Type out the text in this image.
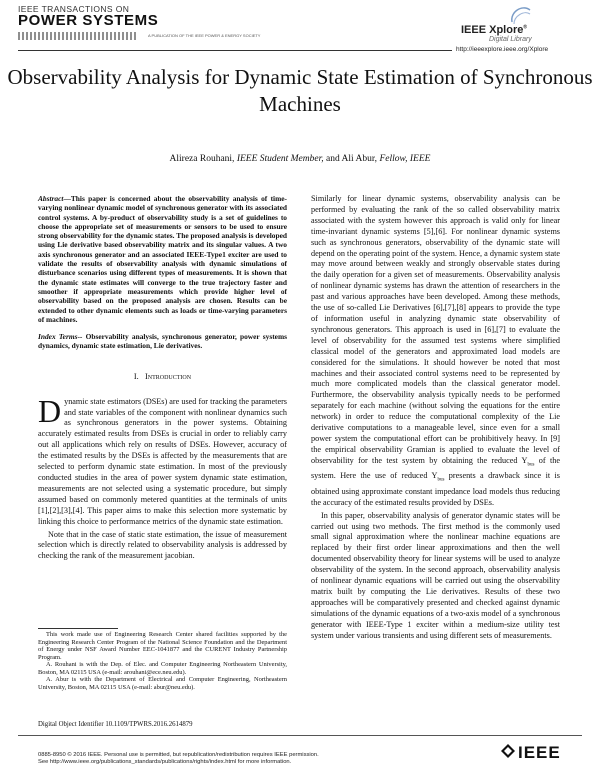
IEEE TRANSACTIONS ON
POWER SYSTEMS
A PUBLICATION OF THE IEEE POWER & ENERGY SOCIETY	IEEE Xplore®
Digital Library
http://ieeexplore.ieee.org/Xplore
Observability Analysis for Dynamic State Estimation of Synchronous Machines
Alireza Rouhani, IEEE Student Member, and Ali Abur, Fellow, IEEE

Abstract—This paper is concerned about the observability analysis of time-varying nonlinear dynamic model of synchronous generator with its associated control systems. A by-product of observability study is a set of guidelines to choose the appropriate set of measurements or sensors to be used to ensure strong observability for the dynamic states. The proposed analysis is developed using Lie derivative based observability matrix and its singular values. A two axis synchronous generator and an associated IEEE-Type1 exciter are used to validate the results of observability analysis with dynamic simulations of disturbance scenarios using different types of measurements. It is shown that the dynamic state estimates will converge to the true trajectory faster and smoother if appropriate measurements which provide higher level of observability based on the proposed analysis are chosen. Results can be extended to other dynamic elements such as loads or time-varying parameters of machines.

Index Terms-- Observability analysis, synchronous generator, power systems dynamics, dynamic state estimation, Lie derivatives.

I. Introduction

Dynamic state estimators (DSEs) are used for tracking the parameters and state variables of the component with nonlinear dynamics such as synchronous generators in the power systems. Obtaining accurately estimated results from DSEs is crucial in order to reliably carry out all applications which rely on results of DSEs. However, accuracy of the estimated results by the DSEs is affected by the measurements that are selected to perform dynamic state estimation. In most of the previously conducted studies in the area of power system dynamic state estimation, measurements are not selected using a systematic procedure, but simply assumed based on commonly metered quantities at the terminals of units [1],[2],[3],[4]. This paper aims to make this selection more systematic by linking this choice to performance metrics of the dynamic state estimation.

Note that in the case of static state estimation, the issue of measurement selection which is directly related to observability analysis is addressed by checking the rank of the measurement jacobian.

This work made use of Engineering Research Center shared facilities supported by the Engineering Research Center Program of the National Science Foundation and the Department of Energy under NSF Award Number EEC-1041877 and the CURENT Industry Partnership Program.

A. Rouhani is with the Dep. of Elec. and Computer Engineering Northeastern University, Boston, MA 02115 USA (e-mail: arouhani@ece.neu.edu).

A. Abur is with the Department of Electrical and Computer Engineering, Northeastern University, Boston, MA 02115 USA (e-mail: abur@neu.edu).

Digital Object Identifier 10.1109/TPWRS.2016.2614879

Similarly for linear dynamic systems, observability analysis can be performed by evaluating the rank of the so called observability matrix associated with the system however this approach is valid only for linear time-invariant dynamic systems [5],[6]. For nonlinear dynamic systems such as synchronous generators, observability of the dynamic state will depend on the operating point of the system. Hence, a dynamic system state may move around between weakly and strongly observable states during the daily operation for a given set of measurements. Observability analysis of nonlinear dynamic systems has drawn the attention of researchers in the past and various approaches have been developed. Among these methods, the use of so-called Lie Derivatives [6],[7],[8] appears to provide the type of information useful in analyzing dynamic state observability of synchronous generators. This approach is used in [6],[7] to evaluate the level of observability for the assumed test systems where simplified classical model of the generators and approximated load models are considered for the simulations. It should however be noted that most machines and their associated control systems need to be represented by much more complicated models than the classical generator model. Furthermore, the observability analysis typically needs to be performed separately for each machine (without solving the equations for the entire network) in order to reduce the computational complexity of the Lie derivative computations to a manageable level, since even for a small power system the computational effort can be prohibitively heavy. In [9] the empirical observability Gramian is applied to evaluate the level of observability for the test system by obtaining the reduced $Y_{bus}$ of the system. Here the use of reduced $Y_{bus}$ presents a drawback since it is obtained using approximate constant impedance load models thus reducing the accuracy of the estimated results provided by DSEs.

In this paper, observability analysis of generator dynamic states will be carried out using two methods. The first method is the commonly used small signal approximation where the nonlinear machine equations are replaced by their first order linear approximations and then the well documented observability theory for linear systems will be used to analyze observability of the system. In the second approach, observability analysis of nonlinear dynamic equations will be carried out using the observability matrix built by computing the Lie derivatives. Results of these two approaches will be comparatively presented and checked against dynamic simulations of the dynamic equations of a two-axis model of a synchronous generator with IEEE-Type 1 exciter within a medium-size utility test system under various transients and using different sets of measurements.

0885-8950 © 2016 IEEE. Personal use is permitted, but republication/redistribution requires IEEE permission.
See http://www.ieee.org/publications_standards/publications/rights/index.html for more information.	IEEE
